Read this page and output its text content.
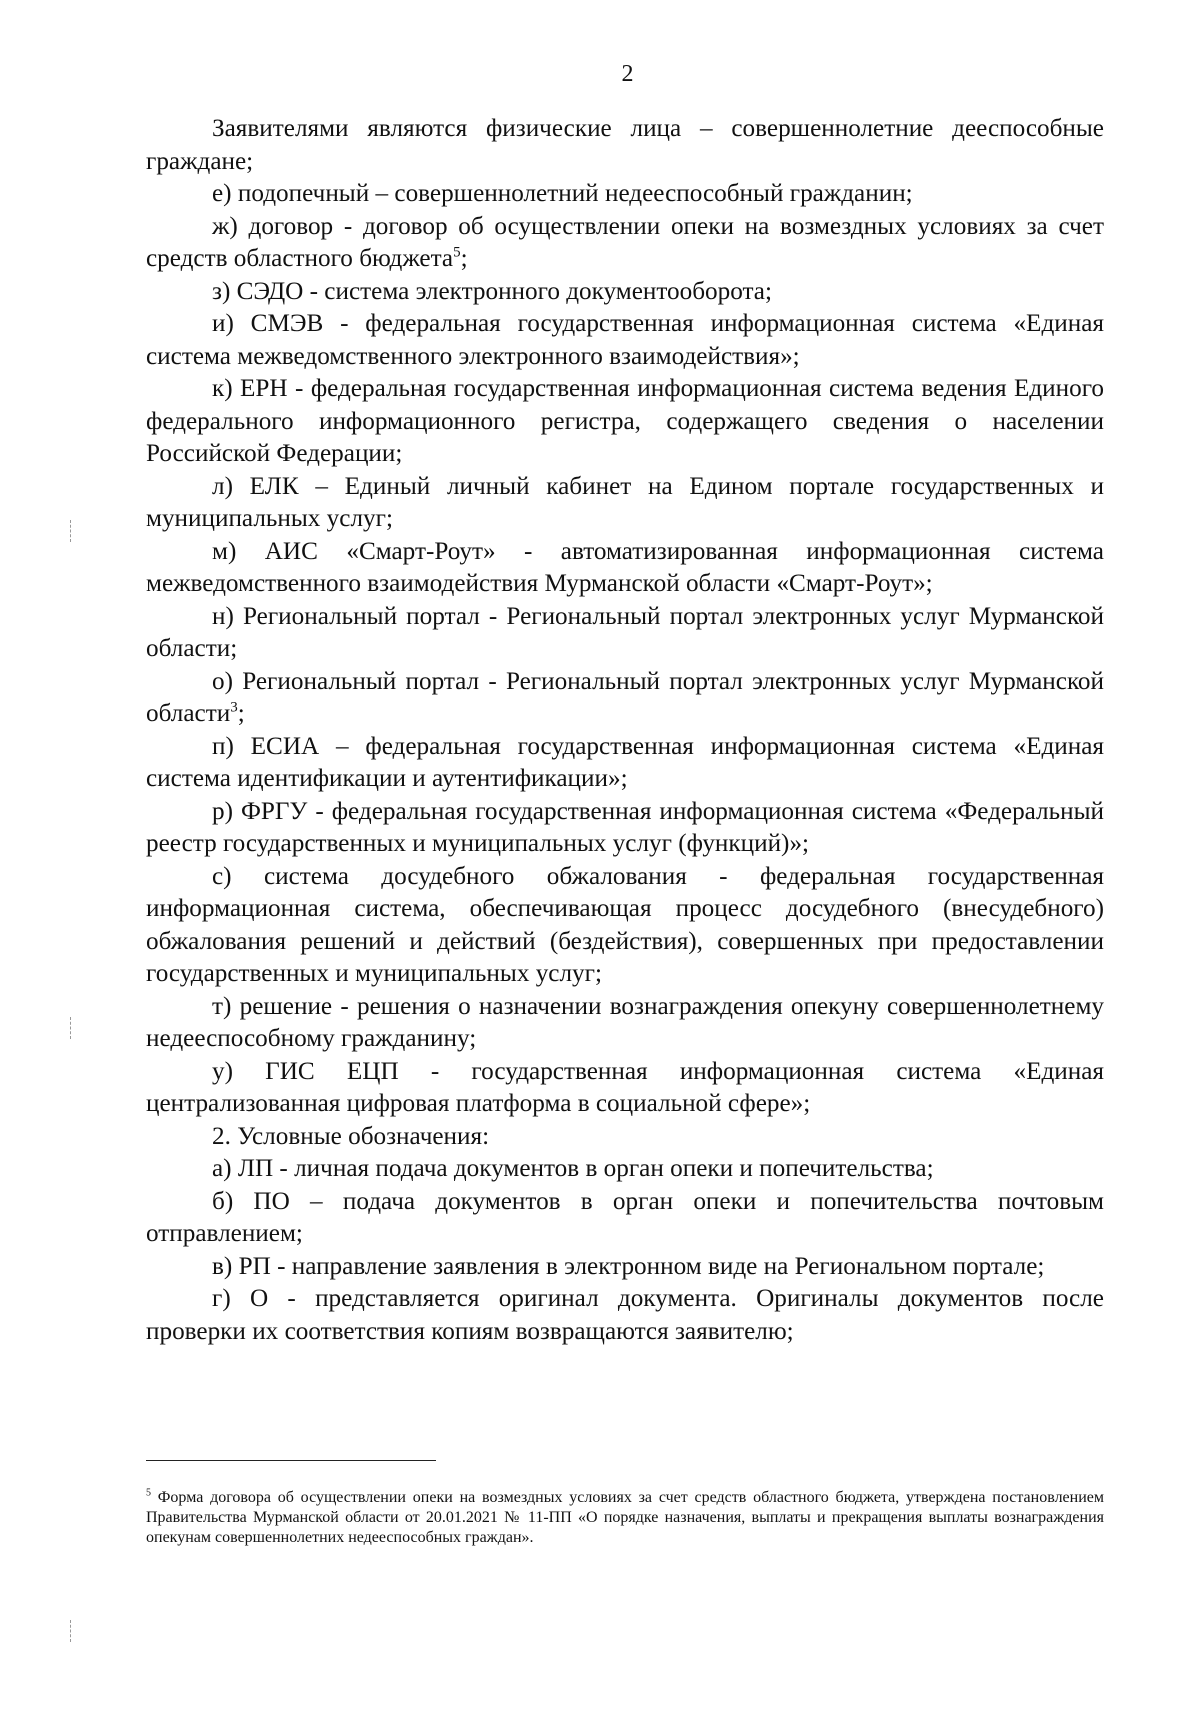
2

Заявителями являются физические лица – совершеннолетние дееспособные граждане;

е) подопечный – совершеннолетний недееспособный гражданин;

ж) договор - договор об осуществлении опеки на возмездных условиях за счет средств областного бюджета$^5$;

з) СЭДО - система электронного документооборота;

и) СМЭВ - федеральная государственная информационная система «Единая система межведомственного электронного взаимодействия»;

к) ЕРН - федеральная государственная информационная система ведения Единого федерального информационного регистра, содержащего сведения о населении Российской Федерации;

л) ЕЛК – Единый личный кабинет на Едином портале государственных и муниципальных услуг;

м) АИС «Смарт-Роут» - автоматизированная информационная система межведомственного взаимодействия Мурманской области «Смарт-Роут»;

н) Региональный портал - Региональный портал электронных услуг Мурманской области;

о) Региональный портал - Региональный портал электронных услуг Мурманской области$^3$;

п) ЕСИА – федеральная государственная информационная система «Единая система идентификации и аутентификации»;

р) ФРГУ - федеральная государственная информационная система «Федеральный реестр государственных и муниципальных услуг (функций)»;

с) система досудебного обжалования - федеральная государственная информационная система, обеспечивающая процесс досудебного (внесудебного) обжалования решений и действий (бездействия), совершенных при предоставлении государственных и муниципальных услуг;

т) решение - решения о назначении вознаграждения опекуну совершеннолетнему недееспособному гражданину;

у) ГИС ЕЦП - государственная информационная система «Единая централизованная цифровая платформа в социальной сфере»;

2. Условные обозначения:

а) ЛП - личная подача документов в орган опеки и попечительства;

б) ПО – подача документов в орган опеки и попечительства почтовым отправлением;

в) РП - направление заявления в электронном виде на Региональном портале;

г) О - представляется оригинал документа. Оригиналы документов после проверки их соответствия копиям возвращаются заявителю;

$^5$ Форма договора об осуществлении опеки на возмездных условиях за счет средств областного бюджета, утверждена постановлением Правительства Мурманской области от 20.01.2021 № 11-ПП «О порядке назначения, выплаты и прекращения выплаты вознаграждения опекунам совершеннолетних недееспособных граждан».
